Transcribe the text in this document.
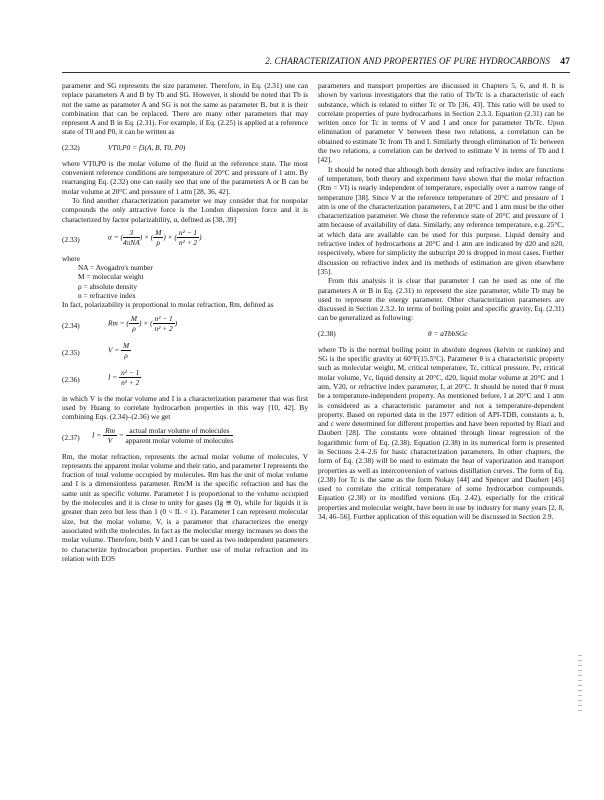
2. CHARACTERIZATION AND PROPERTIES OF PURE HYDROCARBONS 47

parameter and SG represents the size parameter. Therefore, in Eq. (2.31) one can replace parameters A and B by Tb and SG. However, it should be noted that Tb is not the same as parameter A and SG is not the same as parameter B, but it is their combination that can be replaced. There are many other parameters that may represent A and B in Eq. (2.31). For example, if Eq. (2.25) is applied at a reference state of T0 and P0, it can be written as

(2.32)	VT0,P0 = f3(A, B, T0, P0)

where VT0,P0 is the molar volume of the fluid at the reference state. The most convenient reference conditions are temperature of 20°C and pressure of 1 atm. By rearranging Eq. (2.32) one can easily see that one of the parameters A or B can be molar volume at 20°C and pressure of 1 atm [28, 36, 42].

To find another characterization parameter we may consider that for nonpolar compounds the only attractive force is the London dispersion force and it is characterized by factor polarizability, α, defined as [38, 39]

(2.33)	α = ( $\frac{3}{\text{4πNA}}$ ) × ( $\frac{M}{\rho}$ ) × ( $\frac{\text{n² − 1}}{\text{n² + 2}}$ )

where

NA = Avogadro's number
M = molecular weight
ρ = absolute density
n = refractive index

In fact, polarizability is proportional to molar refraction, Rm, defined as

(2.34)	Rm = ( $\frac{M}{\rho}$ ) × ( $\frac{\text{n² − 1}}{\text{n² + 2}}$ )
(2.35)	$V = \frac{M}{\rho}$
(2.36)	$I = \frac{\text{n² − 1}}{\text{n² + 2}}$

in which V is the molar volume and I is a characterization parameter that was first used by Huang to correlate hydrocarbon properties in this way [10, 42]. By combining Eqs. (2.34)–(2.36) we get

(2.37) $I = \frac{Rm}{V} = \frac{\text{actual molar volume of molecules}}{\text{apparent molar volume of molecules}}$

Rm, the molar refraction, represents the actual molar volume of molecules, V represents the apparent molar volume and their ratio, and parameter I represents the fraction of total volume occupied by molecules. Rm has the unit of molar volume and I is a dimensionless parameter. Rm/M is the specific refraction and has the same unit as specific volume. Parameter I is proportional to the volume occupied by the molecules and it is close to unity for gases (Ig ≅ 0), while for liquids it is greater than zero but less than 1 (0 < IL < 1). Parameter I can represent molecular size, but the molar volume, V, is a parameter that characterizes the energy associated with the molecules. In fact as the molecular energy increases so does the molar volume. Therefore, both V and I can be used as two independent parameters to characterize hydrocarbon properties. Further use of molar refraction and its relation with EOS

parameters and transport properties are discussed in Chapters 5, 6, and 8. It is shown by various investigators that the ratio of Tb/Tc is a characteristic of each substance, which is related to either Tc or Tb [36, 43]. This ratio will be used to correlate properties of pure hydrocarbons in Section 2.3.3. Equation (2.31) can be written once for Tc in terms of V and I and once for parameter Tb/Tc. Upon elimination of parameter V between these two relations, a correlation can be obtained to estimate Tc from Tb and I. Similarly through elimination of Tc between the two relations, a correlation can be derived to estimate V in terms of Tb and I [42].

It should be noted that although both density and refractive index are functions of temperature, both theory and experiment have shown that the molar refraction (Rm = VI) is nearly independent of temperature, especially over a narrow range of temperature [38]. Since V at the reference temperature of 20°C and pressure of 1 atm is one of the characterization parameters, I at 20°C and 1 atm must be the other characterization parameter. We chose the reference state of 20°C and pressure of 1 atm because of availability of data. Similarly, any reference temperature, e.g. 25°C, at which data are available can be used for this purpose. Liquid density and refractive index of hydrocarbons at 20°C and 1 atm are indicated by d20 and n20, respectively, where for simplicity the subscript 20 is dropped in most cases. Further discussion on refractive index and its methods of estimation are given elsewhere [35].

From this analysis it is clear that parameter I can be used as one of the parameters A or B in Eq. (2.31) to represent the size parameter, while Tb may be used to represent the energy parameter. Other characterization parameters are discussed in Section 2.3.2. In terms of boiling point and specific gravity, Eq. (2.31) can be generalized as following:

(2.38)	θ = aTbbSGc

where Tb is the normal boiling point in absolute degrees (kelvin or rankine) and SG is the specific gravity at 60°F(15.5°C). Parameter θ is a characteristic property such as molecular weight, M, critical temperature, Tc, critical pressure, Pc, critical molar volume, Vc, liquid density at 20°C, d20, liquid molar volume at 20°C and 1 atm, V20, or refractive index parameter, I, at 20°C. It should be noted that θ must be a temperature-independent property. As mentioned before, I at 20°C and 1 atm is considered as a characteristic parameter and not a temperature-dependent property. Based on reported data in the 1977 edition of API-TDB, constants a, b, and c were determined for different properties and have been reported by Riazi and Daubert [28]. The constants were obtained through linear regression of the logarithmic form of Eq. (2.38). Equation (2.38) in its numerical form is presented in Sections 2.4–2.6 for basic characterization parameters. In other chapters, the form of Eq. (2.38) will be used to estimate the heat of vaporization and transport properties as well as interconversion of various distillation curves. The form of Eq. (2.38) for Tc is the same as the form Nokay [44] and Spencer and Daubert [45] used to correlate the critical temperature of some hydrocarbon compounds. Equation (2.38) or its modified versions (Eq. 2.42), especially for the critical properties and molecular weight, have been in use by industry for many years [2, 8, 34, 46–56]. Further application of this equation will be discussed in Section 2.9.
